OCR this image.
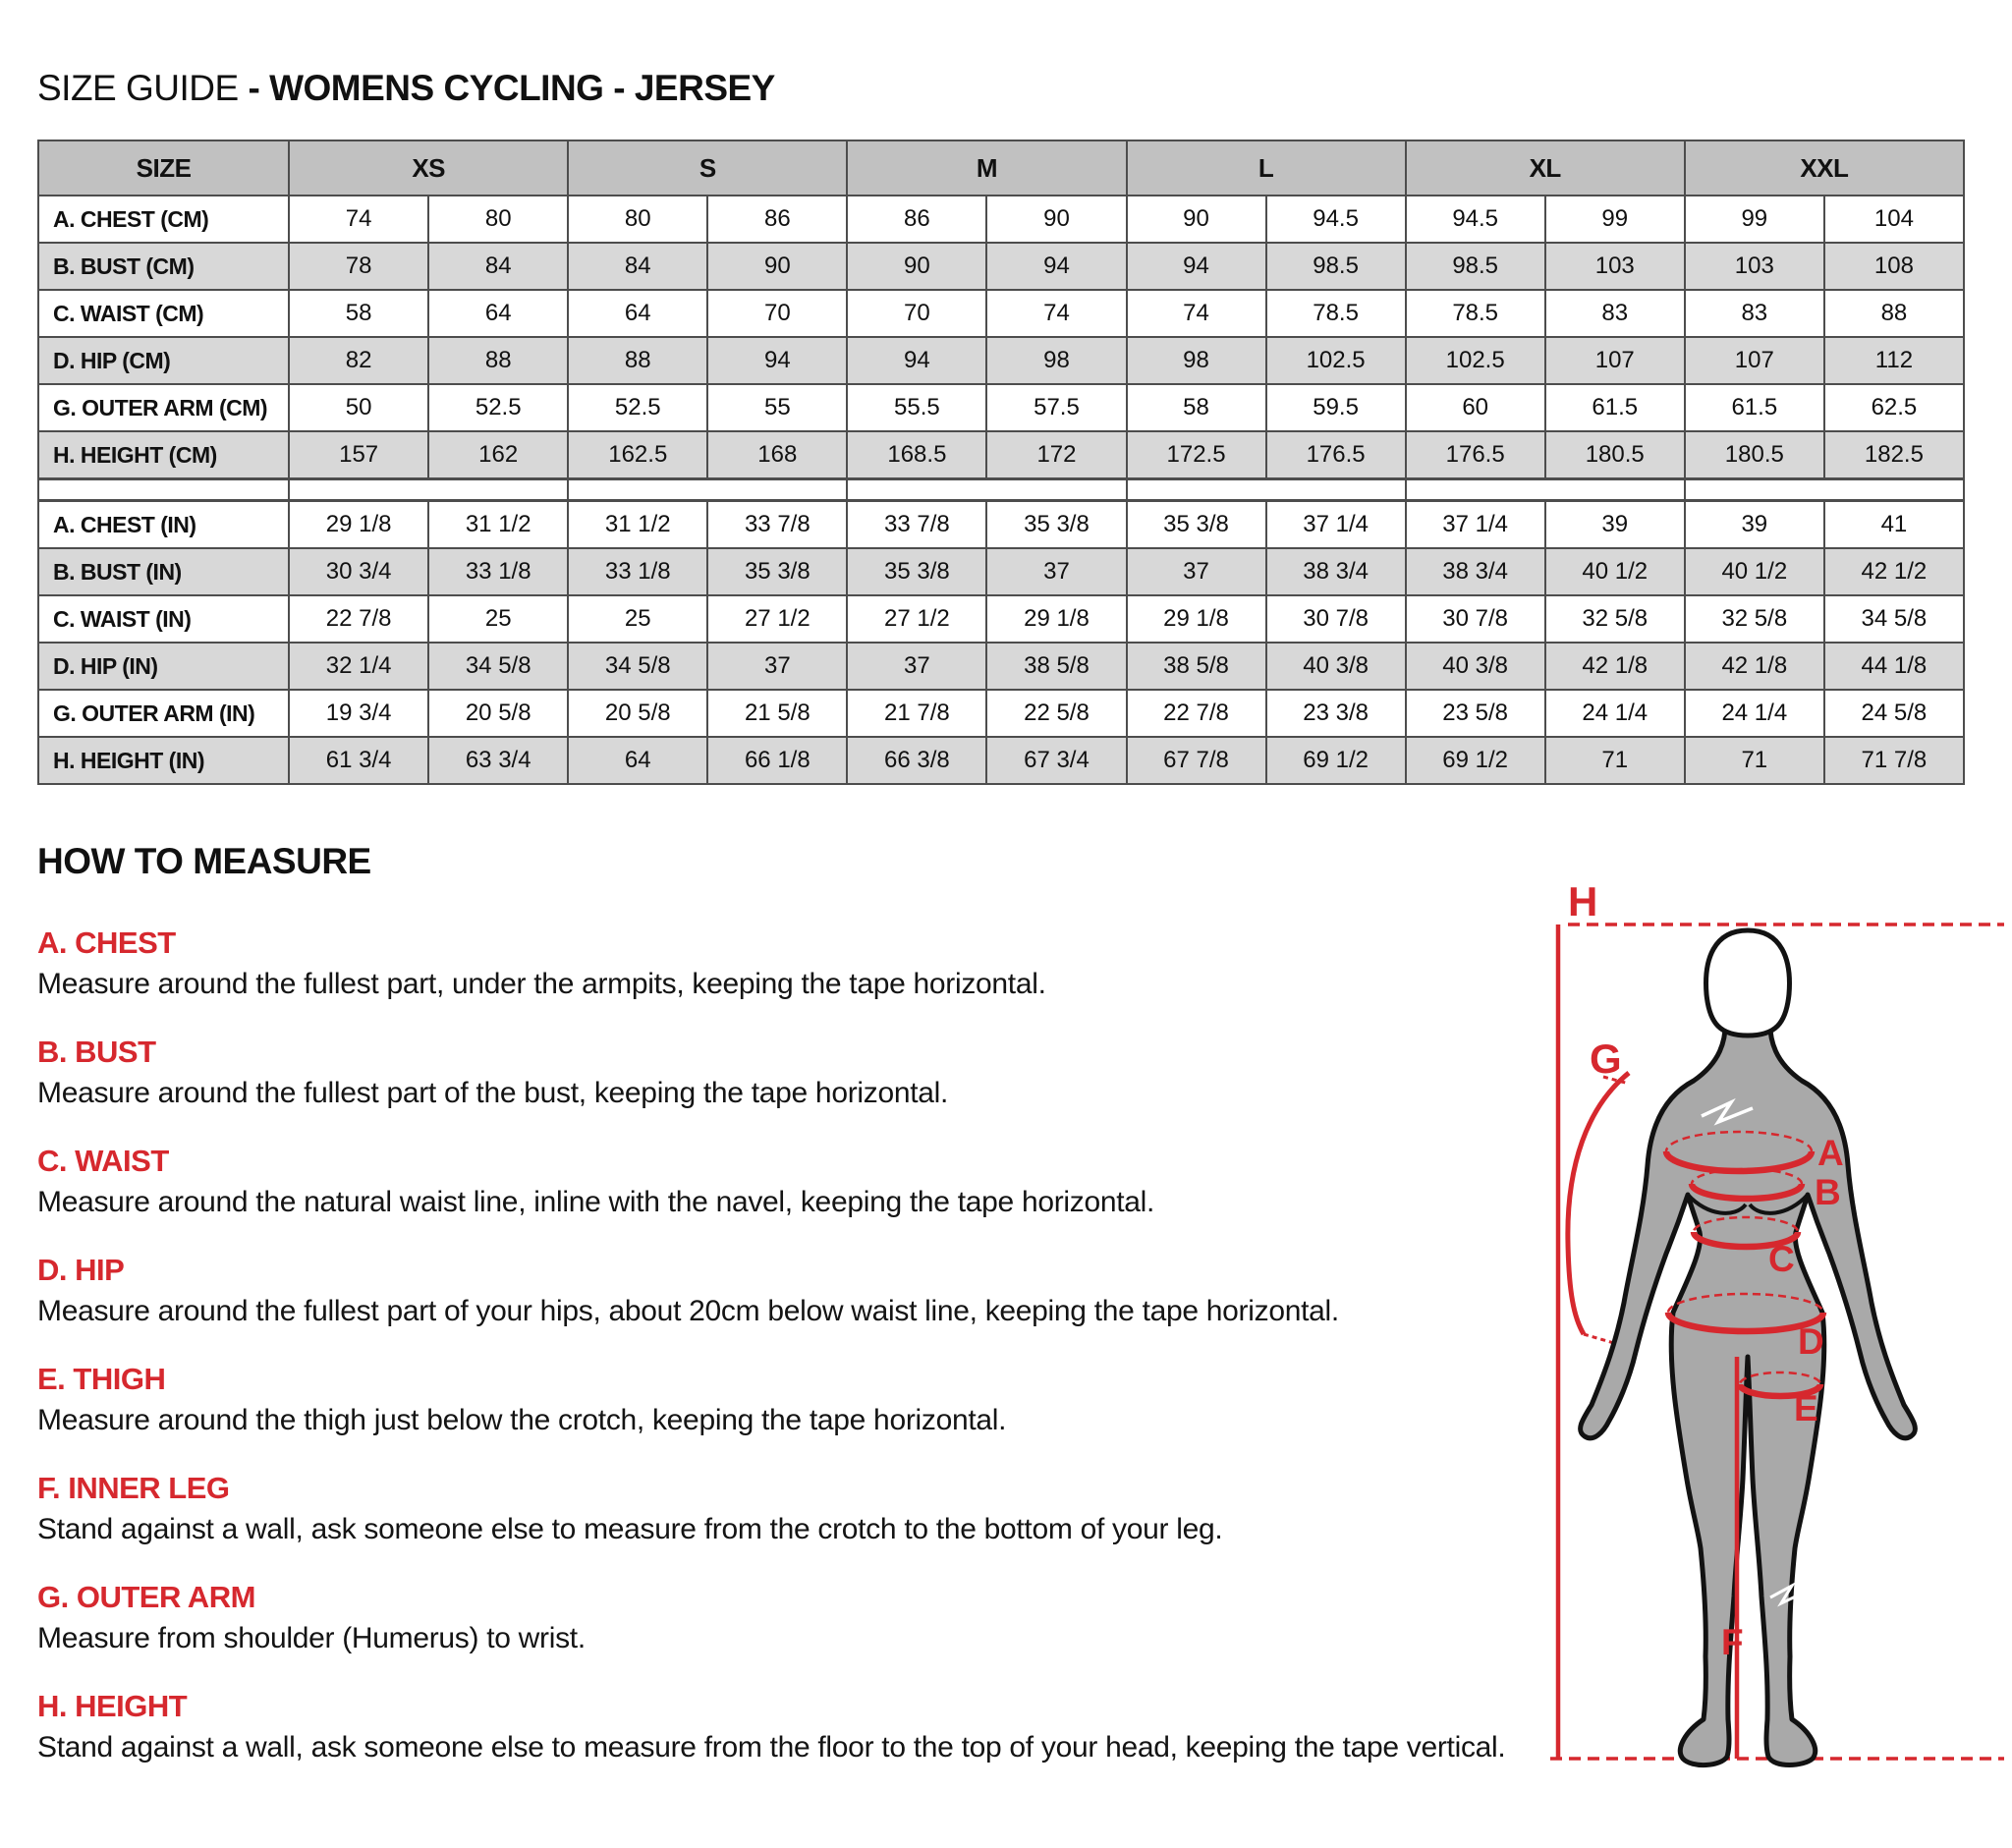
SIZE GUIDE - WOMENS CYCLING - JERSEY
SIZE	XS		S		M		L		XL		XXL	
A. CHEST (CM)	74	80	80	86	86	90	90	94.5	94.5	99	99	104
B. BUST (CM)	78	84	84	90	90	94	94	98.5	98.5	103	103	108
C. WAIST (CM)	58	64	64	70	70	74	74	78.5	78.5	83	83	88
D. HIP (CM)	82	88	88	94	94	98	98	102.5	102.5	107	107	112
G. OUTER ARM (CM)	50	52.5	52.5	55	55.5	57.5	58	59.5	60	61.5	61.5	62.5
H. HEIGHT (CM)	157	162	162.5	168	168.5	172	172.5	176.5	176.5	180.5	180.5	182.5

A. CHEST (IN)	29 1/8	31 1/2	31 1/2	33 7/8	33 7/8	35 3/8	35 3/8	37 1/4	37 1/4	39	39	41
B. BUST (IN)	30 3/4	33 1/8	33 1/8	35 3/8	35 3/8	37	37	38 3/4	38 3/4	40 1/2	40 1/2	42 1/2
C. WAIST (IN)	22 7/8	25	25	27 1/2	27 1/2	29 1/8	29 1/8	30 7/8	30 7/8	32 5/8	32 5/8	34 5/8
D. HIP (IN)	32 1/4	34 5/8	34 5/8	37	37	38 5/8	38 5/8	40 3/8	40 3/8	42 1/8	42 1/8	44 1/8
G. OUTER ARM (IN)	19 3/4	20 5/8	20 5/8	21 5/8	21 7/8	22 5/8	22 7/8	23 3/8	23 5/8	24 1/4	24 1/4	24 5/8
H. HEIGHT (IN)	61 3/4	63 3/4	64	66 1/8	66 3/8	67 3/4	67 7/8	69 1/2	69 1/2	71	71	71 7/8
HOW TO MEASURE
A. CHEST

Measure around the fullest part, under the armpits, keeping the tape horizontal.

B. BUST

Measure around the fullest part of the bust, keeping the tape horizontal.

C. WAIST

Measure around the natural waist line, inline with the navel, keeping the tape horizontal.

D. HIP

Measure around the fullest part of your hips, about 20cm below waist line, keeping the tape horizontal.

E. THIGH

Measure around the thigh just below the crotch, keeping the tape horizontal.

F. INNER LEG

Stand against a wall, ask someone else to measure from the crotch to the bottom of your leg.

G. OUTER ARM

Measure from shoulder (Humerus) to wrist.

H. HEIGHT

Stand against a wall, ask someone else to measure from the floor to the top of your head, keeping the tape vertical.

H
G
A
B
C
D
E
F
